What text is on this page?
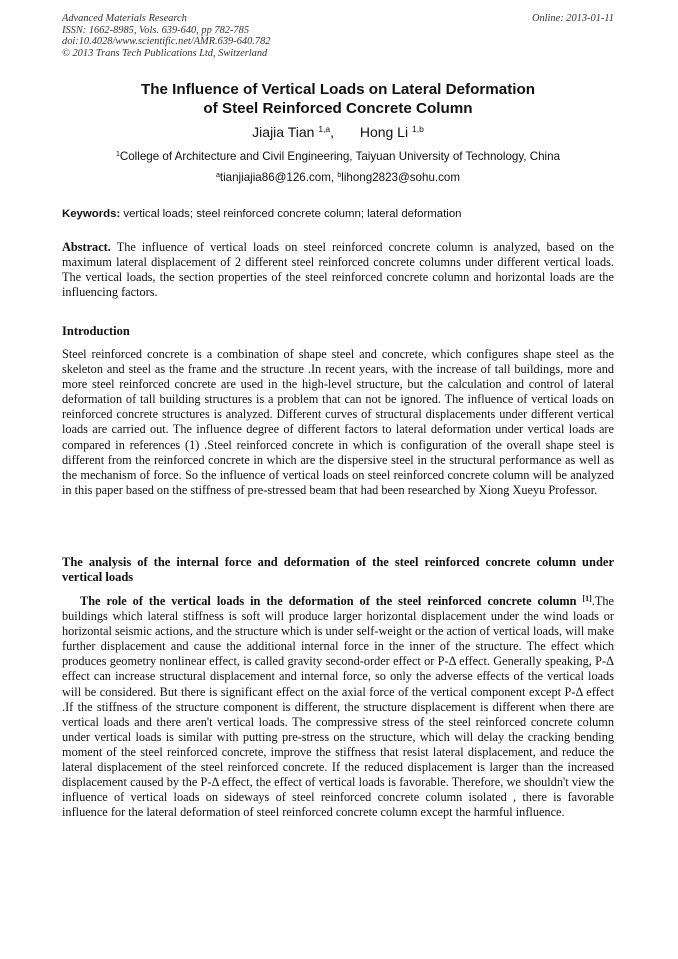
Advanced Materials Research
ISSN: 1662-8985, Vols. 639-640, pp 782-785
doi:10.4028/www.scientific.net/AMR.639-640.782
© 2013 Trans Tech Publications Ltd, Switzerland
Online: 2013-01-11
The Influence of Vertical Loads on Lateral Deformation
of Steel Reinforced Concrete Column
Jiajia Tian $^{1,a}$, Hong Li $^{1,b}$
$^1$College of Architecture and Civil Engineering, Taiyuan University of Technology, China
$^a$tianjiajia86@126.com, $^b$lihong2823@sohu.com
Keywords: vertical loads; steel reinforced concrete column; lateral deformation
Abstract. The influence of vertical loads on steel reinforced concrete column is analyzed, based on the maximum lateral displacement of 2 different steel reinforced concrete columns under different vertical loads. The vertical loads, the section properties of the steel reinforced concrete column and horizontal loads are the influencing factors.
Introduction
Steel reinforced concrete is a combination of shape steel and concrete, which configures shape steel as the skeleton and steel as the frame and the structure .In recent years, with the increase of tall buildings, more and more steel reinforced concrete are used in the high-level structure, but the calculation and control of lateral deformation of tall building structures is a problem that can not be ignored. The influence of vertical loads on reinforced concrete structures is analyzed. Different curves of structural displacements under different vertical loads are carried out. The influence degree of different factors to lateral deformation under vertical loads are compared in references (1) .Steel reinforced concrete in which is configuration of the overall shape steel is different from the reinforced concrete in which are the dispersive steel in the structural performance as well as the mechanism of force. So the influence of vertical loads on steel reinforced concrete column will be analyzed in this paper based on the stiffness of pre-stressed beam that had been researched by Xiong Xueyu Professor.
The analysis of the internal force and deformation of the steel reinforced concrete column under vertical loads
The role of the vertical loads in the deformation of the steel reinforced concrete column [1].The buildings which lateral stiffness is soft will produce larger horizontal displacement under the wind loads or horizontal seismic actions, and the structure which is under self-weight or the action of vertical loads, will make further displacement and cause the additional internal force in the inner of the structure. The effect which produces geometry nonlinear effect, is called gravity second-order effect or P-Δ effect. Generally speaking, P-Δ effect can increase structural displacement and internal force, so only the adverse effects of the vertical loads will be considered. But there is significant effect on the axial force of the vertical component except P-Δ effect .If the stiffness of the structure component is different, the structure displacement is different when there are vertical loads and there aren't vertical loads. The compressive stress of the steel reinforced concrete column under vertical loads is similar with putting pre-stress on the structure, which will delay the cracking bending moment of the steel reinforced concrete, improve the stiffness that resist lateral displacement, and reduce the lateral displacement of the steel reinforced concrete. If the reduced displacement is larger than the increased displacement caused by the P-Δ effect, the effect of vertical loads is favorable. Therefore, we shouldn't view the influence of vertical loads on sideways of steel reinforced concrete column isolated , there is favorable influence for the lateral deformation of steel reinforced concrete column except the harmful influence.
